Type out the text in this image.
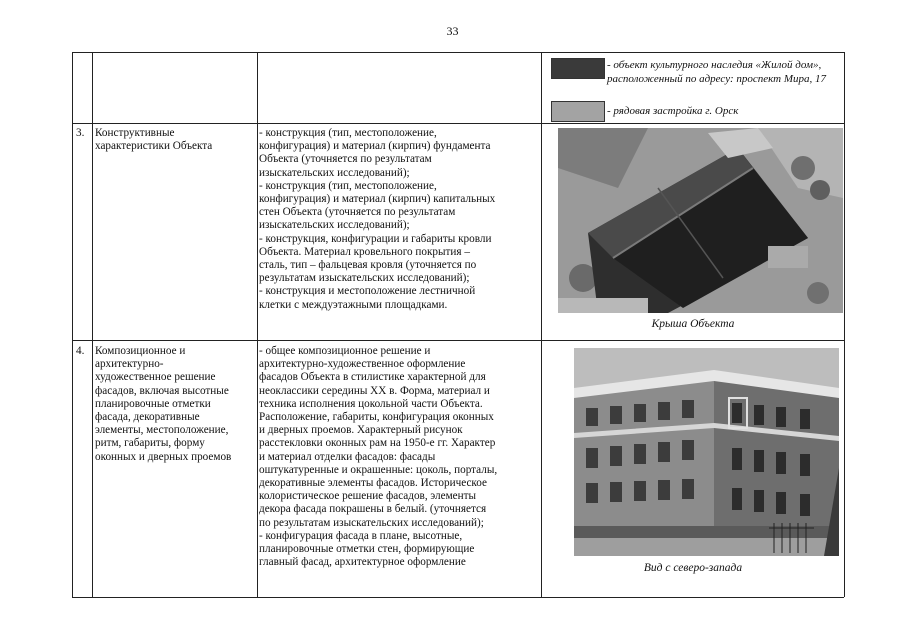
33
- объект культурного наследия «Жилой дом»,
расположенный по адресу: проспект Мира, 17
- рядовая застройка г. Орск
3. Конструктивные
характеристики Объекта
- конструкция (тип, местоположение,
конфигурация) и материал (кирпич) фундамента
Объекта (уточняется по результатам
изыскательских исследований);
- конструкция (тип, местоположение,
конфигурация) и материал (кирпич) капитальных
стен Объекта (уточняется по результатам
изыскательских исследований);
- конструкция, конфигурации и габариты кровли
Объекта. Материал кровельного покрытия –
сталь, тип – фальцевая кровля (уточняется по
результатам изыскательских исследований);
- конструкция и местоположение лестничной
клетки с междуэтажными площадками.
Крыша Объекта
4. Композиционное и
архитектурно-
художественное решение
фасадов, включая высотные
планировочные отметки
фасада, декоративные
элементы, местоположение,
ритм, габариты, форму
оконных и дверных проемов
- общее композиционное решение и
архитектурно-художественное оформление
фасадов Объекта в стилистике характерной для
неоклассики середины XX в. Форма, материал и
техника исполнения цокольной части Объекта.
Расположение, габариты, конфигурация оконных
и дверных проемов. Характерный рисунок
расстекловки оконных рам на 1950-е гг. Характер
и материал отделки фасадов: фасады
оштукатуренные и окрашенные: цоколь, порталы,
декоративные элементы фасадов. Историческое
колористическое решение фасадов, элементы
декора фасада покрашены в белый. (уточняется
по результатам изыскательских исследований);
- конфигурация фасада в плане, высотные,
планировочные отметки стен, формирующие
главный фасад, архитектурное оформление	Вид с северо-запада
